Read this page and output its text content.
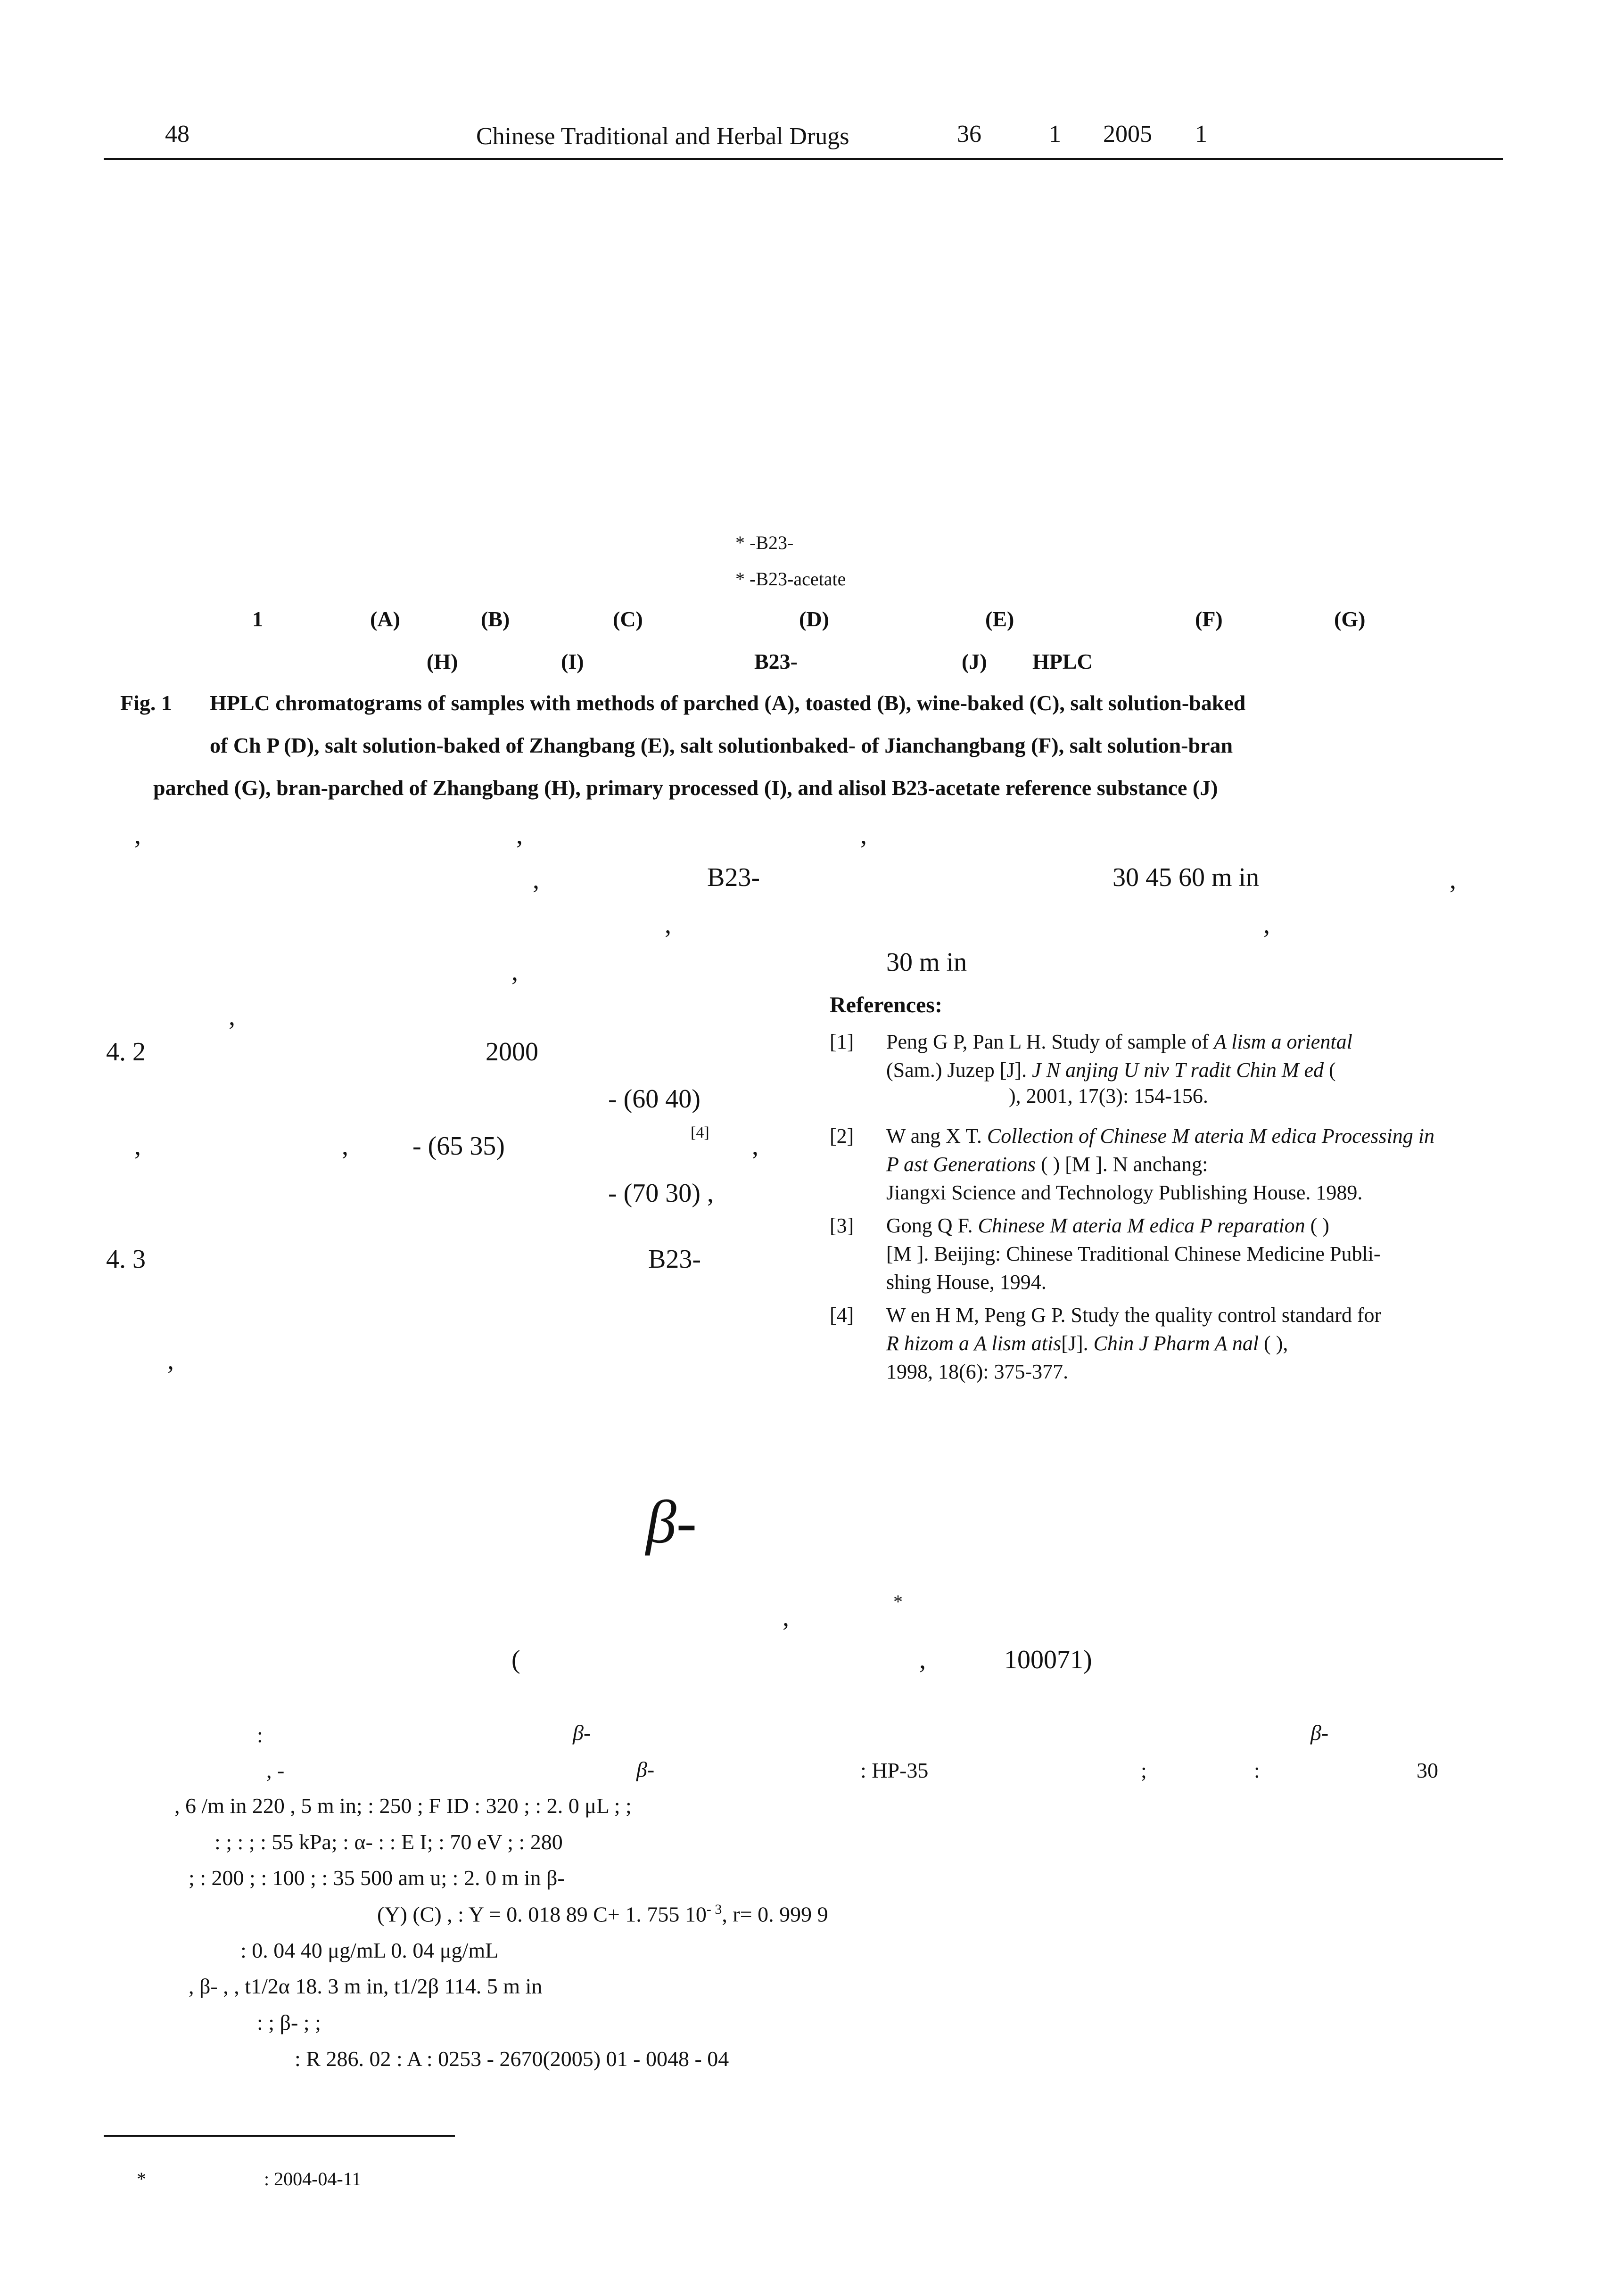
48	Chinese Traditional and Herbal Drugs	36	1 2005 1
* -B23-
* -B23-acetate
1	(A)	(B)	(C)	(D)	(E)	(F)	(G)
(H)	(I)	B23-	(J) HPLC
Fig. 1 HPLC chromatograms of samples with methods of parched (A), toasted (B), wine-baked (C), salt solution-baked
of Ch P (D), salt solution-baked of Zhangbang (E), salt solutionbaked- of Jianchangbang (F), salt solution-bran
parched (G), bran-parched of Zhangbang (H), primary processed (I), and alisol B23-acetate reference substance (J)
,	,	,
,	B23-
,
,
,
4. 2	2000
- (60 40)
,	, - (65 35)	[4] ,
- (70 30) ,
4. 3	B23-
,
30 45 60 m in	,
,
30 m in
References:
[1] Peng G P, Pan L H. Study of sample of A lism a oriental
(Sam.) Juzep [J]. J N anjing U niv T radit Chin M ed (
), 2001, 17(3): 154-156.
[2] W ang X T. Collection of Chinese M ateria M edica Processing in
P ast Generations ( ) [M ]. N anchang:
Jiangxi Science and Technology Publishing House. 1989.
[3] Gong Q F. Chinese M ateria M edica P reparation ( )
[M ]. Beijing: Chinese Traditional Chinese Medicine Publi-
shing House, 1994.
[4] W en H M, Peng G P. Study the quality control standard for
R hizom a A lism atis[J]. Chin J Pharm A nal ( ),
1998, 18(6): 375-377.
β-
,
*
(	,	100071)
:	β-	β-
, -	β-	: HP-35	;	:	30
, 6 /m in 220 , 5 m in; : 250 ; F ID : 320 ; : 2. 0 μL ; ;
: ; : ; : 55 kPa; : α- : : E I; : 70 eV ; : 280
; : 200 ; : 100 ; : 35 500 am u; : 2. 0 m in β-
(Y) (C) , : Y = 0. 018 89 C+ 1. 755 $10^{- 3}$, r= 0. 999 9
: 0. 04 40 μg/mL 0. 04 μg/mL
, β- , , t1/2α 18. 3 m in, t1/2β 114. 5 m in
: ; β- ; ;
: R 286. 02 : A : 0253 - 2670(2005) 01 - 0048 - 04
*	: 2004-04-11
